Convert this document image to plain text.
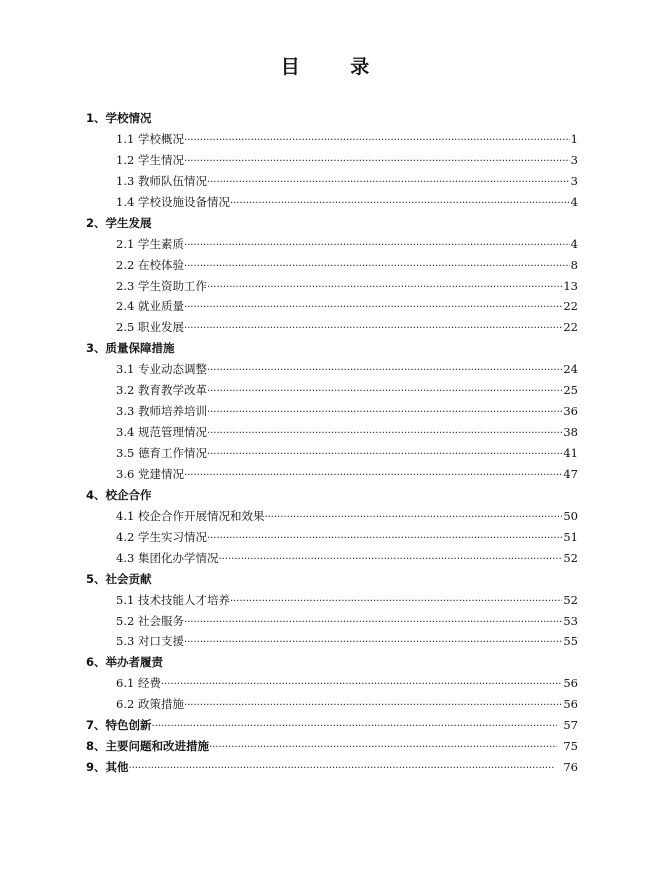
目 录
1、学校情况
1.1 学校概况 ·····	1
1.2 学生情况 ·····	3
1.3 教师队伍情况 ·····	3
1.4 学校设施设备情况 ·····	4
2、学生发展
2.1 学生素质 ·····	4
2.2 在校体验 ·····	8
2.3 学生资助工作 ·····	13
2.4 就业质量 ·····	22
2.5 职业发展 ·····	22
3、质量保障措施
3.1 专业动态调整 ·····	24
3.2 教育教学改革 ·····	25
3.3 教师培养培训 ·····	36
3.4 规范管理情况 ·····	38
3.5 德育工作情况 ·····	41
3.6 党建情况 ·····	47
4、校企合作
4.1 校企合作开展情况和效果 ·····	50
4.2 学生实习情况 ·····	51
4.3 集团化办学情况 ·····	52
5、社会贡献
5.1 技术技能人才培养 ·····	52
5.2 社会服务 ·····	53
5.3 对口支援 ·····	55
6、举办者履责
6.1 经费 ·····	56
6.2 政策措施 ·····	56
7、特色创新 ·····	57
8、主要问题和改进措施 ·····	75
9、其他 ·····	76
